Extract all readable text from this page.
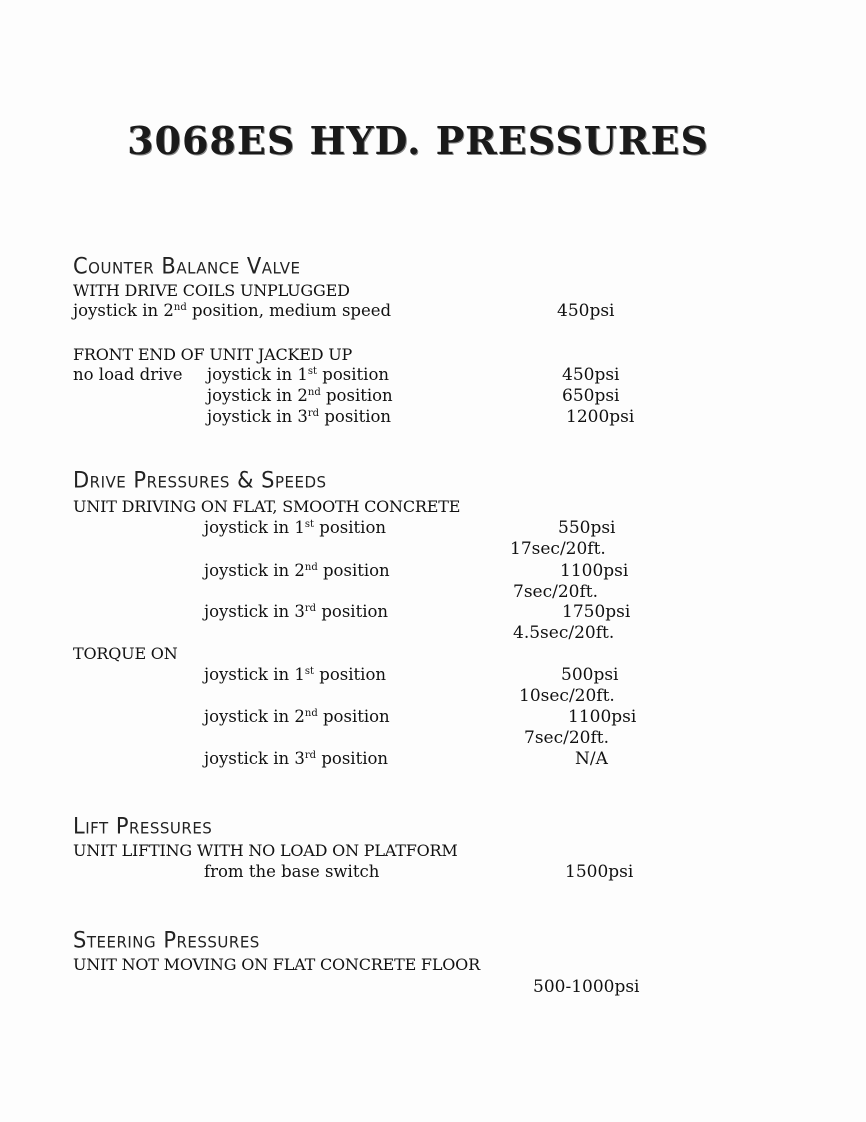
3068ES HYD. PRESSURES
Counter Balance Valve
WITH DRIVE COILS UNPLUGGED
joystick in 2nd position, medium speed	450psi
FRONT END OF UNIT JACKED UP
no load drive joystick in 1st position	450psi
joystick in 2nd position	650psi
joystick in 3rd position	1200psi
Drive Pressures & Speeds
UNIT DRIVING ON FLAT, SMOOTH CONCRETE
joystick in 1st position	550psi
17sec/20ft.
joystick in 2nd position	1100psi
7sec/20ft.
joystick in 3rd position	1750psi
4.5sec/20ft.
TORQUE ON
joystick in 1st position	500psi
10sec/20ft.
joystick in 2nd position	1100psi
7sec/20ft.
joystick in 3rd position	N/A
Lift Pressures
UNIT LIFTING WITH NO LOAD ON PLATFORM
from the base switch	1500psi
Steering Pressures
UNIT NOT MOVING ON FLAT CONCRETE FLOOR
500-1000psi
